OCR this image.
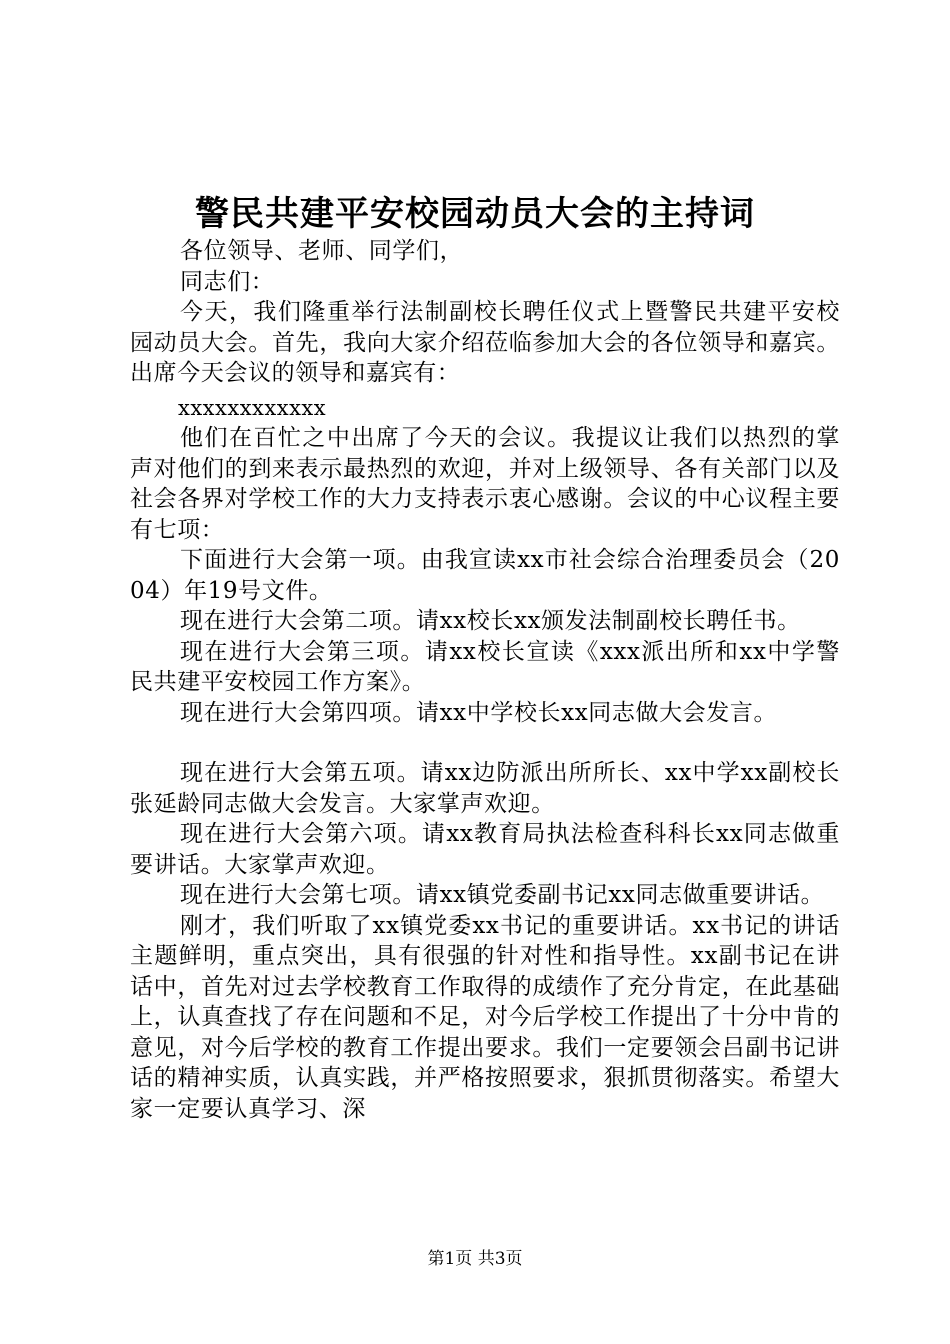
警民共建平安校园动员大会的主持词

各位领导、老师、同学们，

同志们：

今天，我们隆重举行法制副校长聘任仪式上暨警民共建平安校园动员大会。首先，我向大家介绍莅临参加大会的各位领导和嘉宾。出席今天会议的领导和嘉宾有：

xxxxxxxxxxxx

他们在百忙之中出席了今天的会议。我提议让我们以热烈的掌声对他们的到来表示最热烈的欢迎，并对上级领导、各有关部门以及社会各界对学校工作的大力支持表示衷心感谢。会议的中心议程主要有七项：

下面进行大会第一项。由我宣读xx市社会综合治理委员会（2004）年19号文件。

现在进行大会第二项。请xx校长xx颁发法制副校长聘任书。

现在进行大会第三项。请xx校长宣读《xxx派出所和xx中学警民共建平安校园工作方案》。

现在进行大会第四项。请xx中学校长xx同志做大会发言。

现在进行大会第五项。请xx边防派出所所长、xx中学xx副校长张延龄同志做大会发言。大家掌声欢迎。

现在进行大会第六项。请xx教育局执法检查科科长xx同志做重要讲话。大家掌声欢迎。

现在进行大会第七项。请xx镇党委副书记xx同志做重要讲话。

刚才，我们听取了xx镇党委xx书记的重要讲话。xx书记的讲话主题鲜明，重点突出，具有很强的针对性和指导性。xx副书记在讲话中，首先对过去学校教育工作取得的成绩作了充分肯定，在此基础上，认真查找了存在问题和不足，对今后学校工作提出了十分中肯的意见，对今后学校的教育工作提出要求。我们一定要领会吕副书记讲话的精神实质，认真实践，并严格按照要求，狠抓贯彻落实。希望大家一定要认真学习、深

第1页 共3页
